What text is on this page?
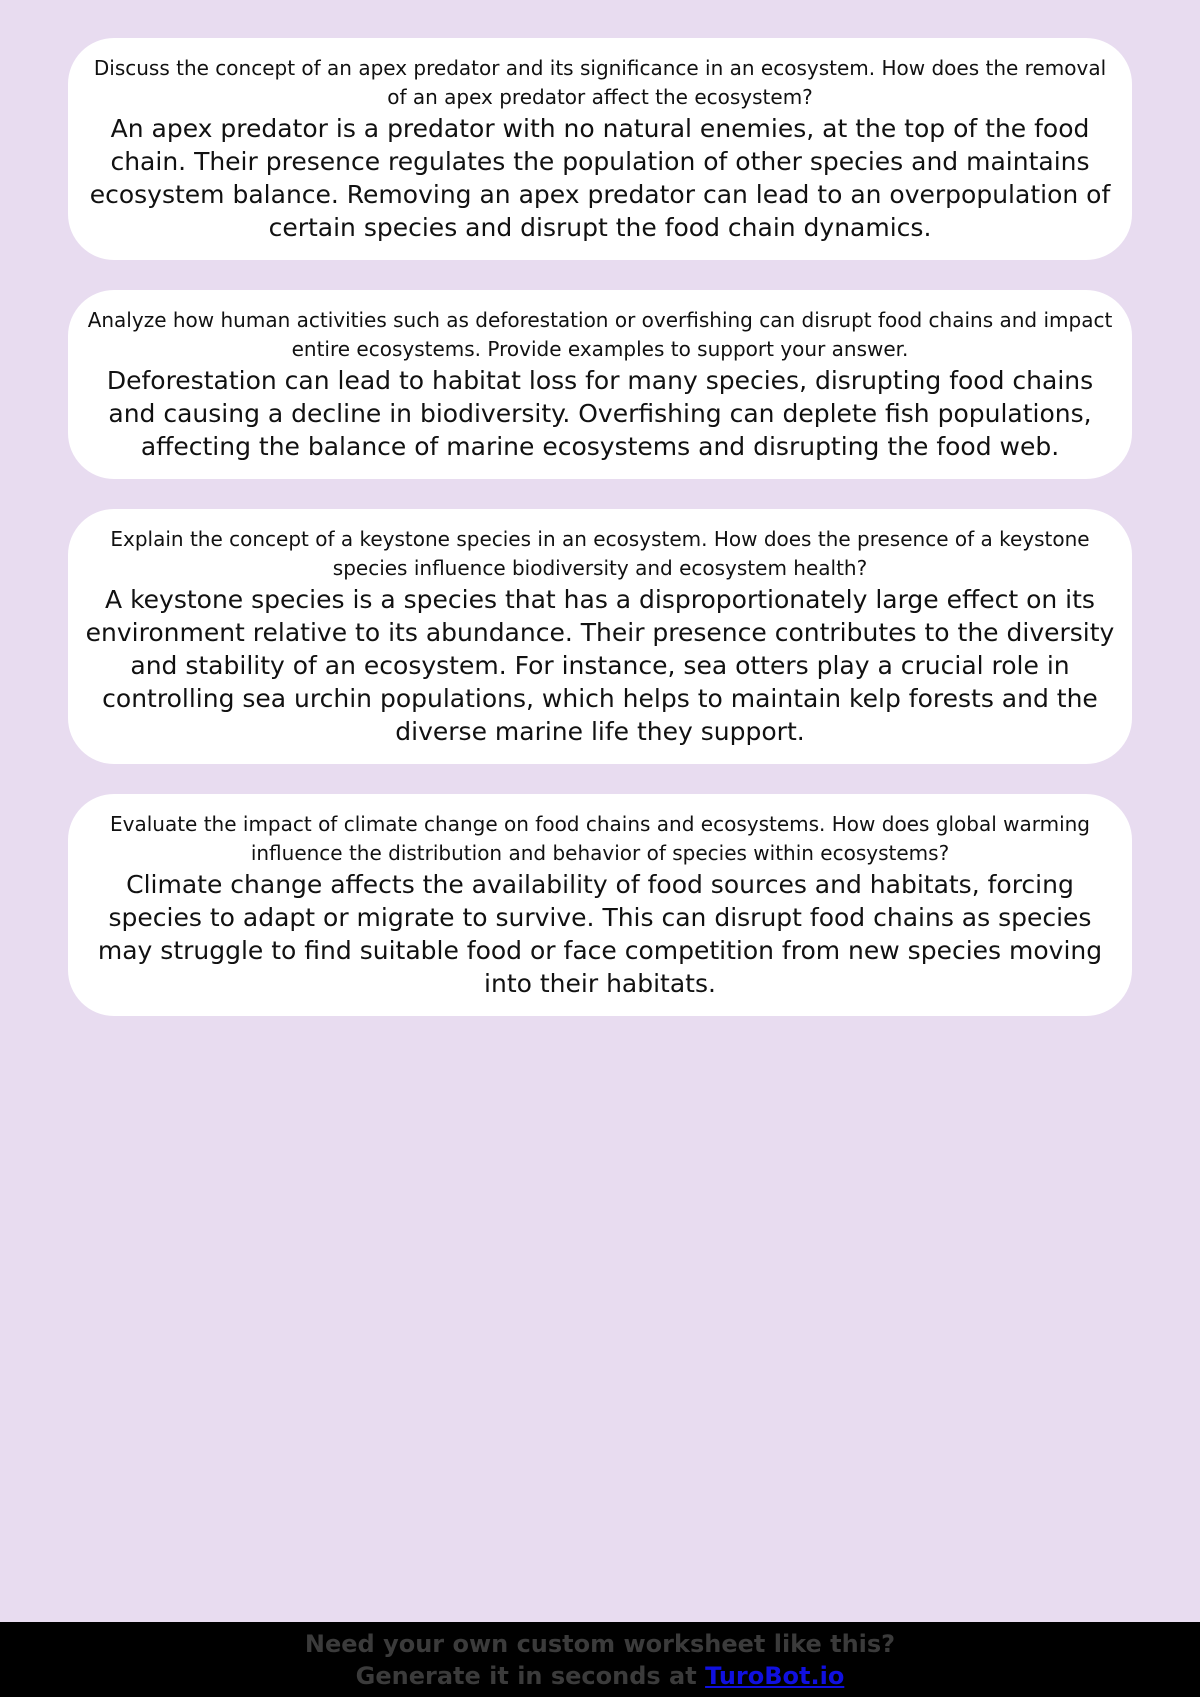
Discuss the concept of an apex predator and its significance in an ecosystem. How does the removal of an apex predator affect the ecosystem?

An apex predator is a predator with no natural enemies, at the top of the food chain. Their presence regulates the population of other species and maintains ecosystem balance. Removing an apex predator can lead to an overpopulation of certain species and disrupt the food chain dynamics.

Analyze how human activities such as deforestation or overfishing can disrupt food chains and impact entire ecosystems. Provide examples to support your answer.

Deforestation can lead to habitat loss for many species, disrupting food chains and causing a decline in biodiversity. Overfishing can deplete fish populations, affecting the balance of marine ecosystems and disrupting the food web.

Explain the concept of a keystone species in an ecosystem. How does the presence of a keystone species influence biodiversity and ecosystem health?

A keystone species is a species that has a disproportionately large effect on its environment relative to its abundance. Their presence contributes to the diversity and stability of an ecosystem. For instance, sea otters play a crucial role in controlling sea urchin populations, which helps to maintain kelp forests and the diverse marine life they support.

Evaluate the impact of climate change on food chains and ecosystems. How does global warming influence the distribution and behavior of species within ecosystems?

Climate change affects the availability of food sources and habitats, forcing species to adapt or migrate to survive. This can disrupt food chains as species may struggle to find suitable food or face competition from new species moving into their habitats.

Need your own custom worksheet like this?
Generate it in seconds at TuroBot.io
